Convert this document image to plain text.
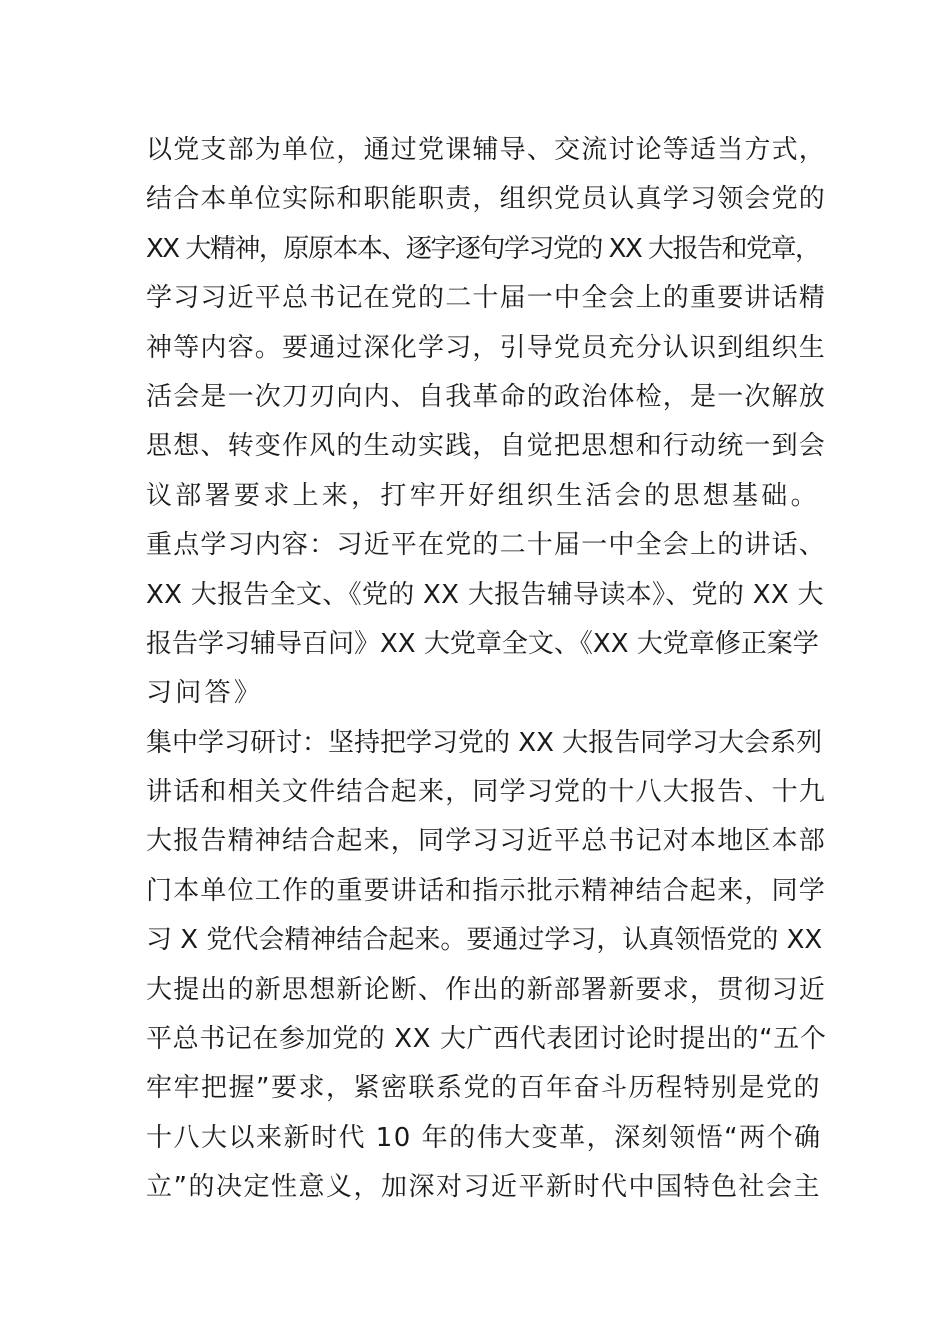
以党支部为单位，通过党课辅导、交流讨论等适当方式，
结合本单位实际和职能职责，组织党员认真学习领会党的
XX 大精神，原原本本、逐字逐句学习党的 XX 大报告和党章，
学习习近平总书记在党的二十届一中全会上的重要讲话精
神等内容。要通过深化学习，引导党员充分认识到组织生
活会是一次刀刃向内、自我革命的政治体检，是一次解放
思想、转变作风的生动实践，自觉把思想和行动统一到会
议部署要求上来，打牢开好组织生活会的思想基础。
重点学习内容：习近平在党的二十届一中全会上的讲话、
XX 大报告全文、《党的 XX 大报告辅导读本》、党的 XX 大
报告学习辅导百问》XX 大党章全文、《XX 大党章修正案学
习问答》
集中学习研讨：坚持把学习党的 XX 大报告同学习大会系列
讲话和相关文件结合起来，同学习党的十八大报告、十九
大报告精神结合起来，同学习习近平总书记对本地区本部
门本单位工作的重要讲话和指示批示精神结合起来，同学
习 X 党代会精神结合起来。要通过学习，认真领悟党的 XX
大提出的新思想新论断、作出的新部署新要求，贯彻习近
平总书记在参加党的 XX 大广西代表团讨论时提出的“五个
牢牢把握”要求，紧密联系党的百年奋斗历程特别是党的
十八大以来新时代 10 年的伟大变革，深刻领悟“两个确
立”的决定性意义，加深对习近平新时代中国特色社会主
